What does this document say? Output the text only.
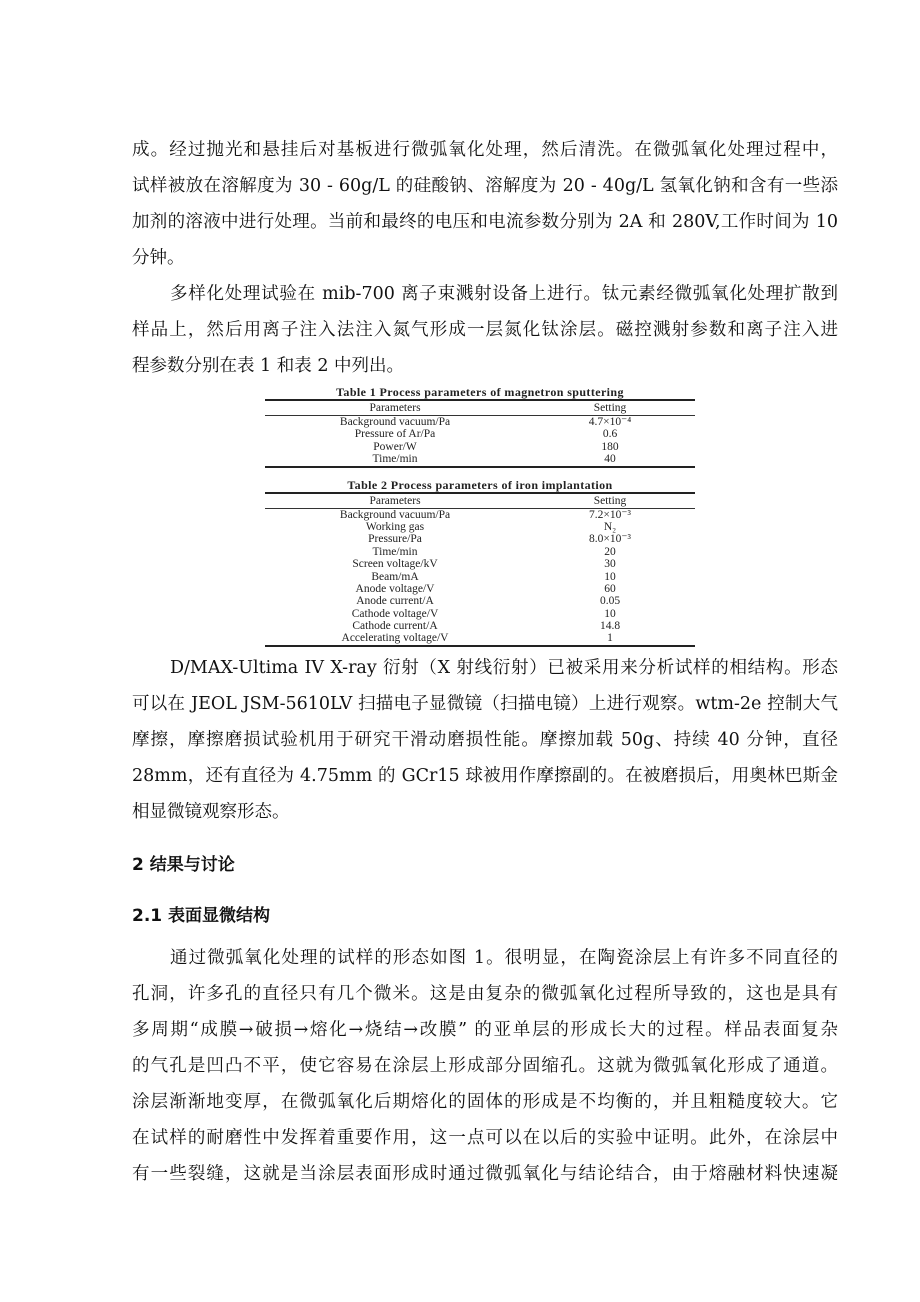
成。经过抛光和悬挂后对基板进行微弧氧化处理，然后清洗。在微弧氧化处理过程中，
试样被放在溶解度为 30 - 60g/L 的硅酸钠、溶解度为 20 - 40g/L 氢氧化钠和含有一些添
加剂的溶液中进行处理。当前和最终的电压和电流参数分别为 2A 和 280V,工作时间为 10
分钟。

多样化处理试验在 mib-700 离子束溅射设备上进行。钛元素经微弧氧化处理扩散到
样品上，然后用离子注入法注入氮气形成一层氮化钛涂层。磁控溅射参数和离子注入进
程参数分别在表 1 和表 2 中列出。

Table 1 Process parameters of magnetron sputtering
Parameters	Setting
Background vacuum/Pa	4.7×10⁻⁴
Pressure of Ar/Pa	0.6
Power/W	180
Time/min	40
Table 2 Process parameters of iron implantation
Parameters	Setting
Background vacuum/Pa	7.2×10⁻³
Working gas	N₂
Pressure/Pa	8.0×10⁻³
Time/min	20
Screen voltage/kV	30
Beam/mA	10
Anode voltage/V	60
Anode current/A	0.05
Cathode voltage/V	10
Cathode current/A	14.8
Accelerating voltage/V	1

D/MAX-Ultima IV X-ray 衍射（X 射线衍射）已被采用来分析试样的相结构。形态
可以在 JEOL JSM-5610LV 扫描电子显微镜（扫描电镜）上进行观察。wtm-2e 控制大气
摩擦，摩擦磨损试验机用于研究干滑动磨损性能。摩擦加载 50g、持续 40 分钟，直径
28mm，还有直径为 4.75mm 的 GCr15 球被用作摩擦副的。在被磨损后，用奥林巴斯金
相显微镜观察形态。

2 结果与讨论
2.1 表面显微结构

通过微弧氧化处理的试样的形态如图 1。很明显，在陶瓷涂层上有许多不同直径的
孔洞，许多孔的直径只有几个微米。这是由复杂的微弧氧化过程所导致的，这也是具有
多周期“成膜→破损→熔化→烧结→改膜” 的亚单层的形成长大的过程。样品表面复杂
的气孔是凹凸不平，使它容易在涂层上形成部分固缩孔。这就为微弧氧化形成了通道。
涂层渐渐地变厚，在微弧氧化后期熔化的固体的形成是不均衡的，并且粗糙度较大。它
在试样的耐磨性中发挥着重要作用，这一点可以在以后的实验中证明。此外，在涂层中
有一些裂缝，这就是当涂层表面形成时通过微弧氧化与结论结合，由于熔融材料快速凝
